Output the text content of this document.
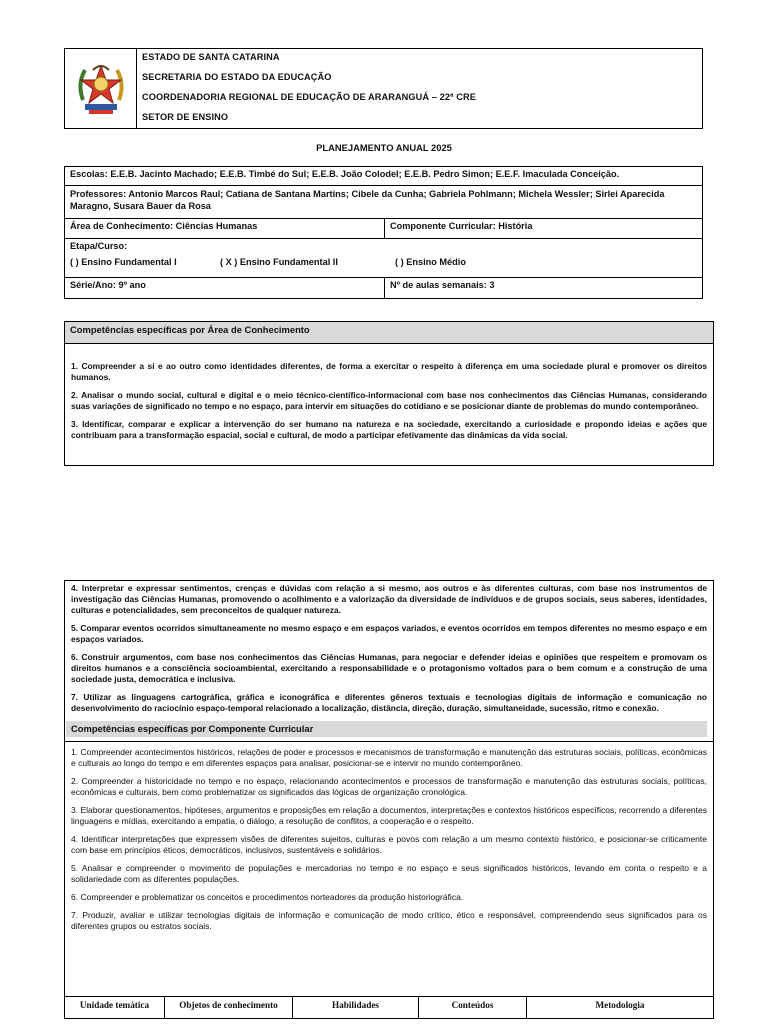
ESTADO DE SANTA CATARINA
SECRETARIA DO ESTADO DA EDUCAÇÃO
COORDENADORIA REGIONAL DE EDUCAÇÃO DE ARARANGUÁ – 22ª CRE
SETOR DE ENSINO
PLANEJAMENTO ANUAL 2025
Escolas: E.E.B. Jacinto Machado; E.E.B. Timbé do Sul; E.E.B. João Colodel; E.E.B. Pedro Simon; E.E.F. Imaculada Conceição.
Professores: Antonio Marcos Raul; Catiana de Santana Martins; Cibele da Cunha; Gabriela Pohlmann; Michela Wessler; Sirlei Aparecida Maragno, Susara Bauer da Rosa
Área de Conhecimento: Ciências Humanas	Componente Curricular: História
Etapa/Curso:
( ) Ensino Fundamental I	( X ) Ensino Fundamental II	( ) Ensino Médio
Série/Ano: 9º ano	Nº de aulas semanais: 3
Competências específicas por Área de Conhecimento

1. Compreender a si e ao outro como identidades diferentes, de forma a exercitar o respeito à diferença em uma sociedade plural e promover os direitos humanos.

2. Analisar o mundo social, cultural e digital e o meio técnico-científico-informacional com base nos conhecimentos das Ciências Humanas, considerando suas variações de significado no tempo e no espaço, para intervir em situações do cotidiano e se posicionar diante de problemas do mundo contemporâneo.

3. Identificar, comparar e explicar a intervenção do ser humano na natureza e na sociedade, exercitando a curiosidade e propondo ideias e ações que contribuam para a transformação espacial, social e cultural, de modo a participar efetivamente das dinâmicas da vida social.

4. Interpretar e expressar sentimentos, crenças e dúvidas com relação a si mesmo, aos outros e às diferentes culturas, com base nos instrumentos de investigação das Ciências Humanas, promovendo o acolhimento e a valorização da diversidade de indivíduos e de grupos sociais, seus saberes, identidades, culturas e potencialidades, sem preconceitos de qualquer natureza.

5. Comparar eventos ocorridos simultaneamente no mesmo espaço e em espaços variados, e eventos ocorridos em tempos diferentes no mesmo espaço e em espaços variados.

6. Construir argumentos, com base nos conhecimentos das Ciências Humanas, para negociar e defender ideias e opiniões que respeitem e promovam os direitos humanos e a consciência socioambiental, exercitando a responsabilidade e o protagonismo voltados para o bem comum e a construção de uma sociedade justa, democrática e inclusiva.

7. Utilizar as linguagens cartográfica, gráfica e iconográfica e diferentes gêneros textuais e tecnologias digitais de informação e comunicação no desenvolvimento do raciocínio espaço-temporal relacionado a localização, distância, direção, duração, simultaneidade, sucessão, ritmo e conexão.

Competências específicas por Componente Curricular

1. Compreender acontecimentos históricos, relações de poder e processos e mecanismos de transformação e manutenção das estruturas sociais, políticas, econômicas e culturais ao longo do tempo e em diferentes espaços para analisar, posicionar-se e intervir no mundo contemporâneo.

2. Compreender a historicidade no tempo e no espaço, relacionando acontecimentos e processos de transformação e manutenção das estruturas sociais, políticas, econômicas e culturais, bem como problematizar os significados das lógicas de organização cronológica.

3. Elaborar questionamentos, hipóteses, argumentos e proposições em relação a documentos, interpretações e contextos históricos específicos, recorrendo a diferentes linguagens e mídias, exercitando a empatia, o diálogo, a resolução de conflitos, a cooperação e o respeito.

4. Identificar interpretações que expressem visões de diferentes sujeitos, culturas e povos com relação a um mesmo contexto histórico, e posicionar-se criticamente com base em princípios éticos, democráticos, inclusivos, sustentáveis e solidários.

5. Analisar e compreender o movimento de populações e mercadorias no tempo e no espaço e seus significados históricos, levando em conta o respeito e a solidariedade com as diferentes populações.

6. Compreender e problematizar os conceitos e procedimentos norteadores da produção historiográfica.

7. Produzir, avaliar e utilizar tecnologias digitais de informação e comunicação de modo crítico, ético e responsável, compreendendo seus significados para os diferentes grupos ou estratos sociais.

Unidade temática	Objetos de conhecimento	Habilidades	Conteúdos	Metodologia
